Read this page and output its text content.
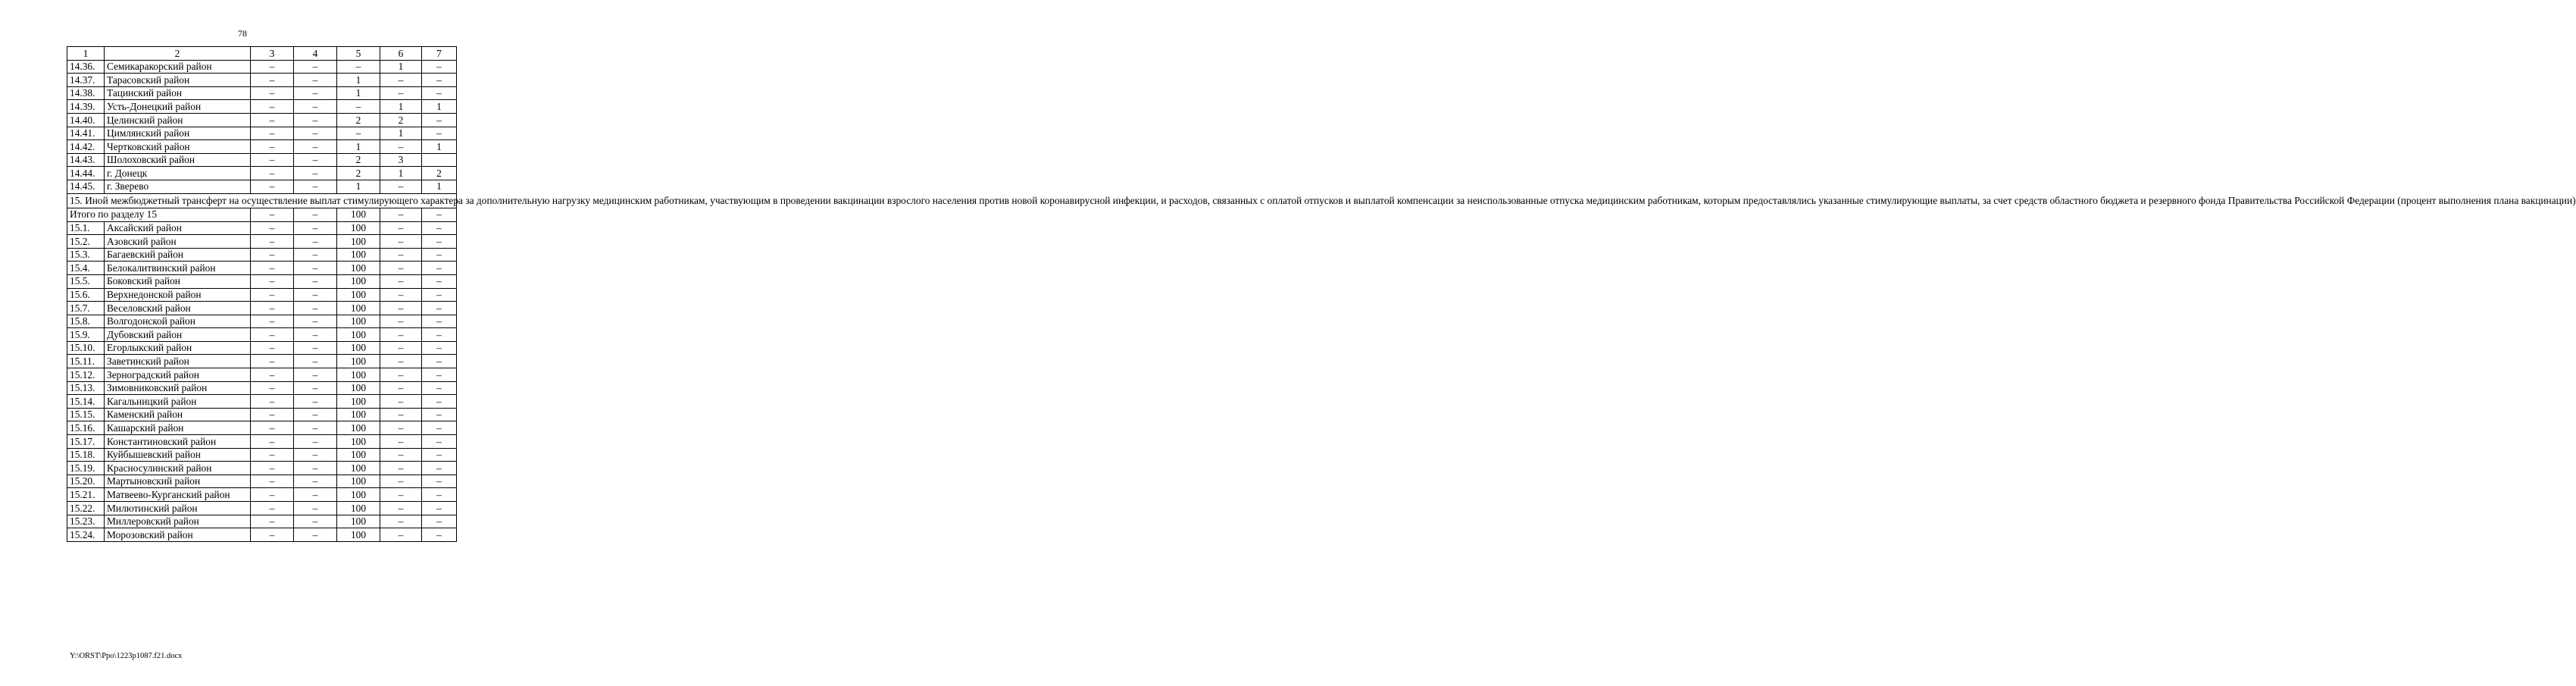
78
1	2	3	4	5	6	7
14.36.	Семикаракорский район	–	–	–	1	–
14.37.	Тарасовский район	–	–	1	–	–
14.38.	Тацинский район	–	–	1	–	–
14.39.	Усть-Донецкий район	–	–	–	1	1
14.40.	Целинский район	–	–	2	2	–
14.41.	Цимлянский район	–	–	–	1	–
14.42.	Чертковский район	–	–	1	–	1
14.43.	Шолоховский район	–	–	2	3	
14.44.	г. Донецк	–	–	2	1	2
14.45.	г. Зверево	–	–	1	–	1
15. Иной межбюджетный трансферт на осуществление выплат стимулирующего характера за дополнительную нагрузку медицинским работникам, участвующим в проведении вакцинации взрослого населения против новой коронавирусной инфекции, и расходов, связанных с оплатой отпусков и выплатой компенсации за неиспользованные отпуска медицинским работникам, которым предоставлялись указанные стимулирующие выплаты, за счет средств областного бюджета и резервного фонда Правительства Российской Федерации (процент выполнения плана вакцинации)						
Итого по разделу 15		–	–	100	–	–
15.1.	Аксайский район	–	–	100	–	–
15.2.	Азовский район	–	–	100	–	–
15.3.	Багаевский район	–	–	100	–	–
15.4.	Белокалитвинский район	–	–	100	–	–
15.5.	Боковский район	–	–	100	–	–
15.6.	Верхнедонской район	–	–	100	–	–
15.7.	Веселовский район	–	–	100	–	–
15.8.	Волгодонской район	–	–	100	–	–
15.9.	Дубовский район	–	–	100	–	–
15.10.	Егорлыкский район	–	–	100	–	–
15.11.	Заветинский район	–	–	100	–	–
15.12.	Зерноградский район	–	–	100	–	–
15.13.	Зимовниковский район	–	–	100	–	–
15.14.	Кагальницкий район	–	–	100	–	–
15.15.	Каменский район	–	–	100	–	–
15.16.	Кашарский район	–	–	100	–	–
15.17.	Константиновский район	–	–	100	–	–
15.18.	Куйбышевский район	–	–	100	–	–
15.19.	Красносулинский район	–	–	100	–	–
15.20.	Мартыновский район	–	–	100	–	–
15.21.	Матвеево-Курганский район	–	–	100	–	–
15.22.	Милютинский район	–	–	100	–	–
15.23.	Миллеровский район	–	–	100	–	–
15.24.	Морозовский район	–	–	100	–	–
Y:\ORST\Ppo\1223p1087.f21.docx
